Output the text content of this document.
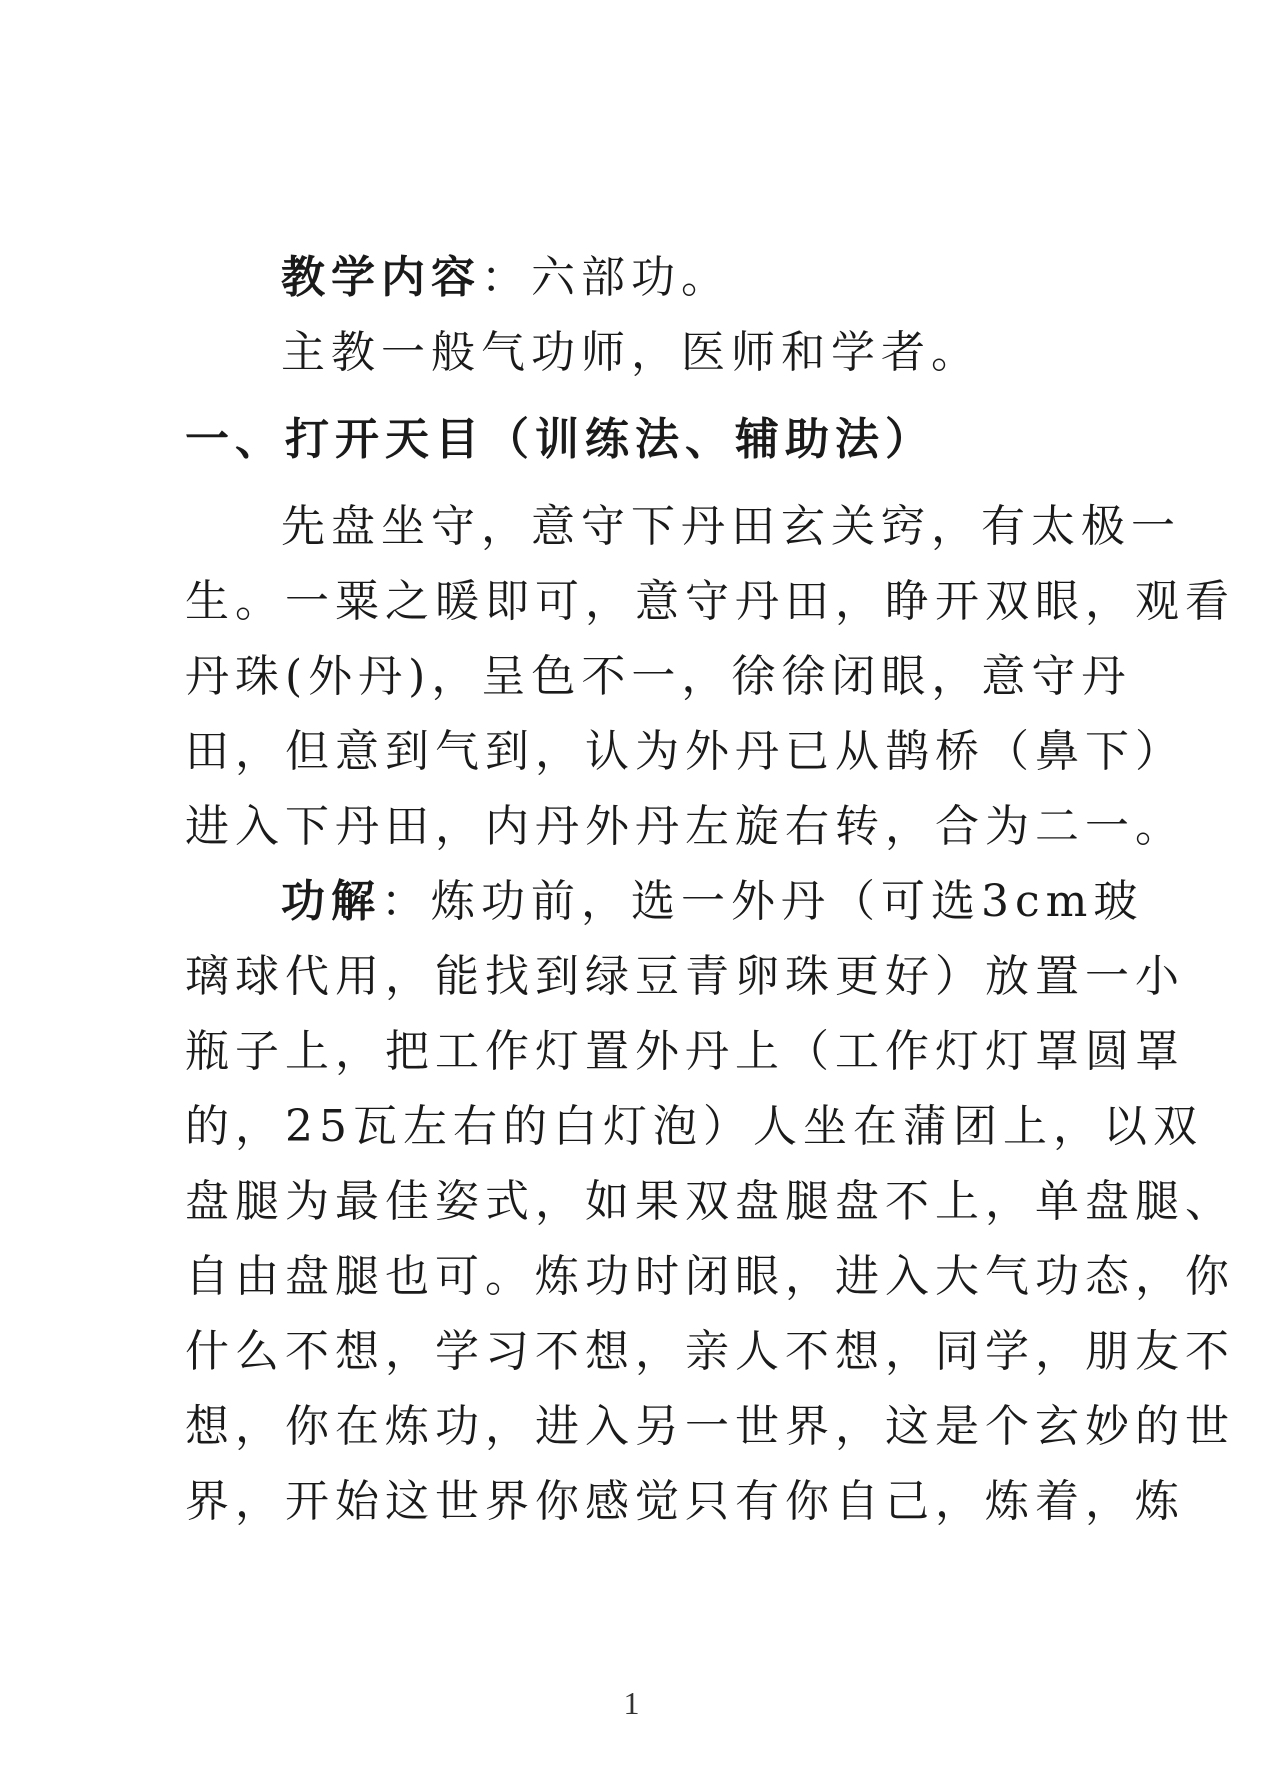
教学内容：六部功。
主教一般气功师，医师和学者。
一、打开天目（训练法、辅助法）
先盘坐守，意守下丹田玄关窍，有太极一
生。一粟之暖即可，意守丹田，睁开双眼，观看
丹珠(外丹)，呈色不一，徐徐闭眼，意守丹
田，但意到气到，认为外丹已从鹊桥（鼻下）
进入下丹田，内丹外丹左旋右转，合为二一。
功解：炼功前，选一外丹（可选3cm玻
璃球代用，能找到绿豆青卵珠更好）放置一小
瓶子上，把工作灯置外丹上（工作灯灯罩圆罩
的，25瓦左右的白灯泡）人坐在蒲团上，以双
盘腿为最佳姿式，如果双盘腿盘不上，单盘腿、
自由盘腿也可。炼功时闭眼，进入大气功态，你
什么不想，学习不想，亲人不想，同学，朋友不
想，你在炼功，进入另一世界，这是个玄妙的世
界，开始这世界你感觉只有你自己，炼着，炼
1
